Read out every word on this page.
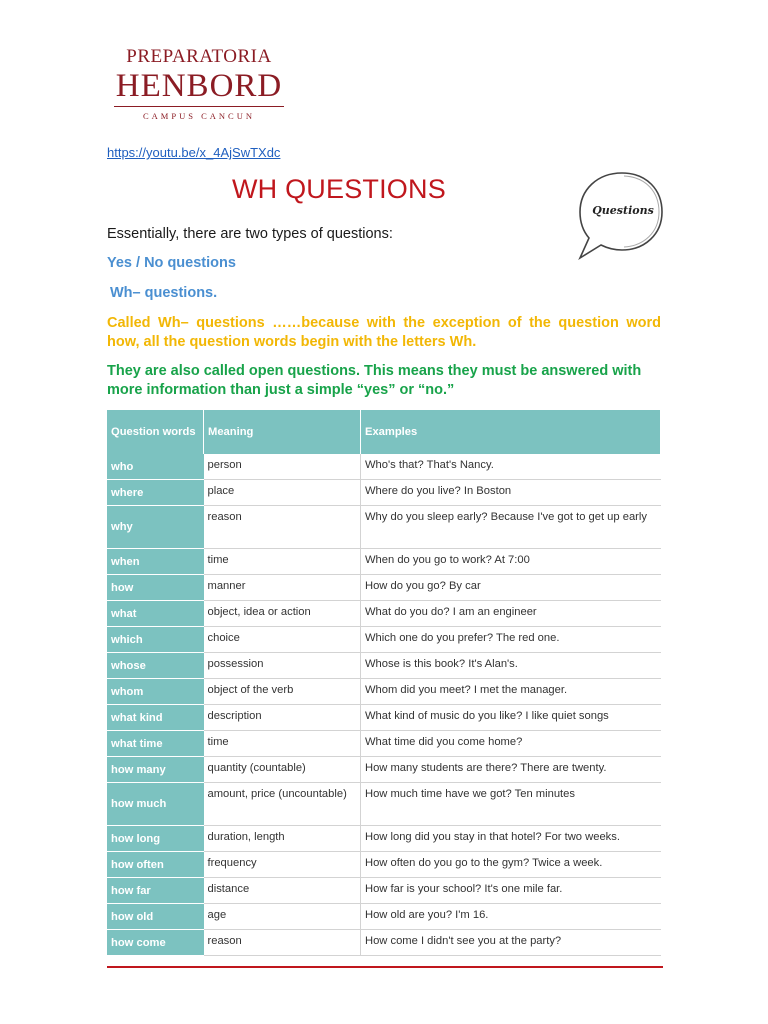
PREPARATORIA
HENBORD
CAMPUS CANCUN
https://youtu.be/x_4AjSwTXdc
WH QUESTIONS
Questions
Essentially, there are two types of questions:
Yes / No questions
Wh– questions.
Called Wh– questions ……because with the exception of the question word how, all the question words begin with the letters Wh.
They are also called open questions. This means they must be answered with more information than just a simple “yes” or “no.”
Question words	Meaning	Examples
who	person	Who's that? That's Nancy.
where	place	Where do you live? In Boston
why	reason	Why do you sleep early? Because I've got to get up early
when	time	When do you go to work? At 7:00
how	manner	How do you go? By car
what	object, idea or action	What do you do? I am an engineer
which	choice	Which one do you prefer? The red one.
whose	possession	Whose is this book? It's Alan's.
whom	object of the verb	Whom did you meet? I met the manager.
what kind	description	What kind of music do you like? I like quiet songs
what time	time	What time did you come home?
how many	quantity (countable)	How many students are there? There are twenty.
how much	amount, price (uncountable)	How much time have we got? Ten minutes
how long	duration, length	How long did you stay in that hotel? For two weeks.
how often	frequency	How often do you go to the gym? Twice a week.
how far	distance	How far is your school? It's one mile far.
how old	age	How old are you? I'm 16.
how come	reason	How come I didn't see you at the party?
